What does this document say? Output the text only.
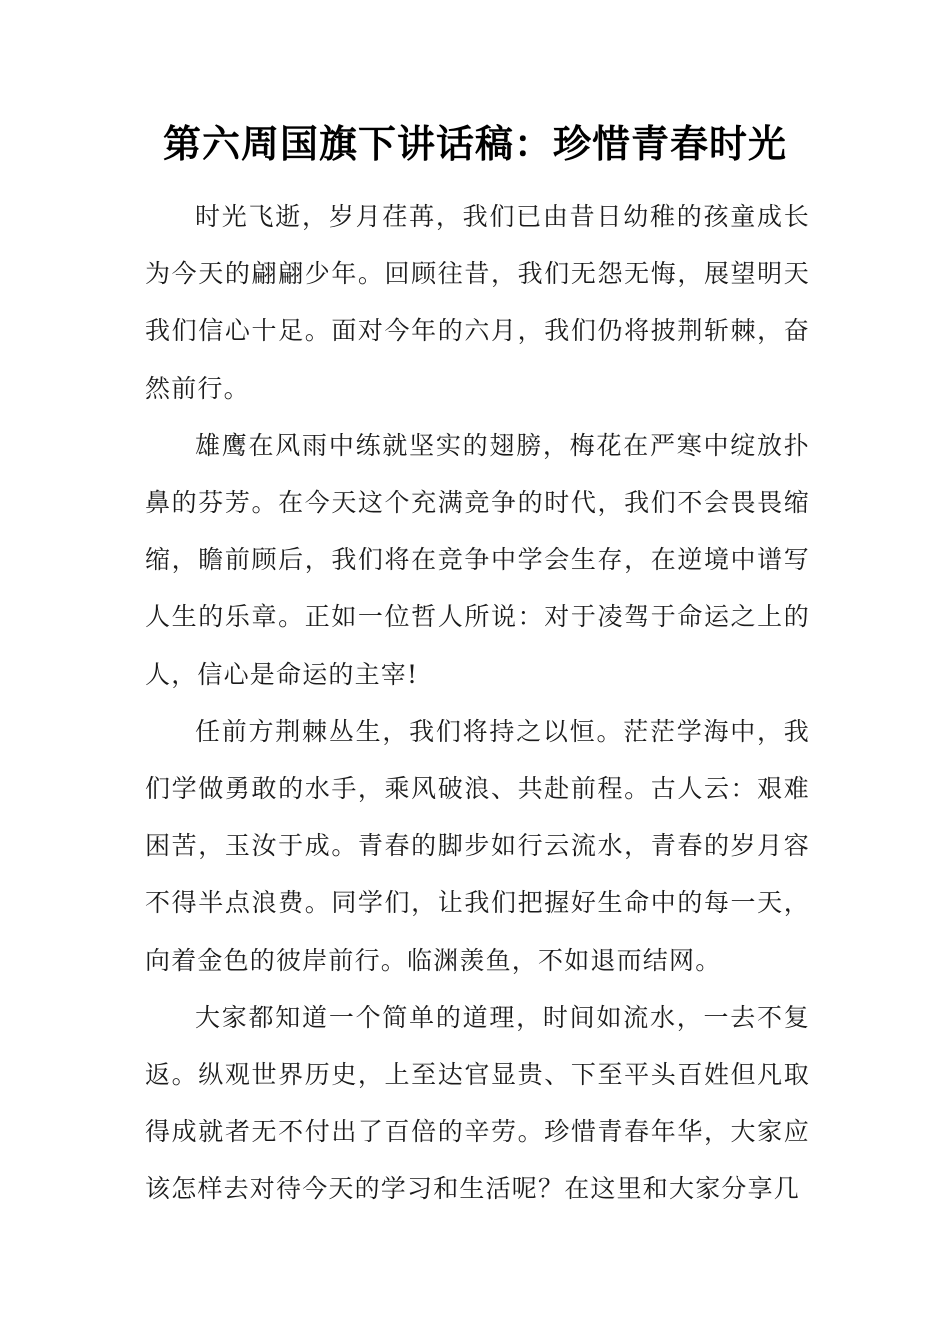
第六周国旗下讲话稿：珍惜青春时光

时光飞逝，岁月荏苒，我们已由昔日幼稚的孩童成长为今天的翩翩少年。回顾往昔，我们无怨无悔，展望明天我们信心十足。面对今年的六月，我们仍将披荆斩棘，奋然前行。

雄鹰在风雨中练就坚实的翅膀，梅花在严寒中绽放扑鼻的芬芳。在今天这个充满竞争的时代，我们不会畏畏缩缩，瞻前顾后，我们将在竞争中学会生存，在逆境中谱写人生的乐章。正如一位哲人所说：对于凌驾于命运之上的人，信心是命运的主宰!

任前方荆棘丛生，我们将持之以恒。茫茫学海中，我们学做勇敢的水手，乘风破浪、共赴前程。古人云：艰难困苦，玉汝于成。青春的脚步如行云流水，青春的岁月容不得半点浪费。同学们，让我们把握好生命中的每一天，向着金色的彼岸前行。临渊羡鱼，不如退而结网。

大家都知道一个简单的道理，时间如流水，一去不复返。纵观世界历史，上至达官显贵、下至平头百姓但凡取得成就者无不付出了百倍的辛劳。珍惜青春年华，大家应该怎样去对待今天的学习和生活呢？在这里和大家分享几
